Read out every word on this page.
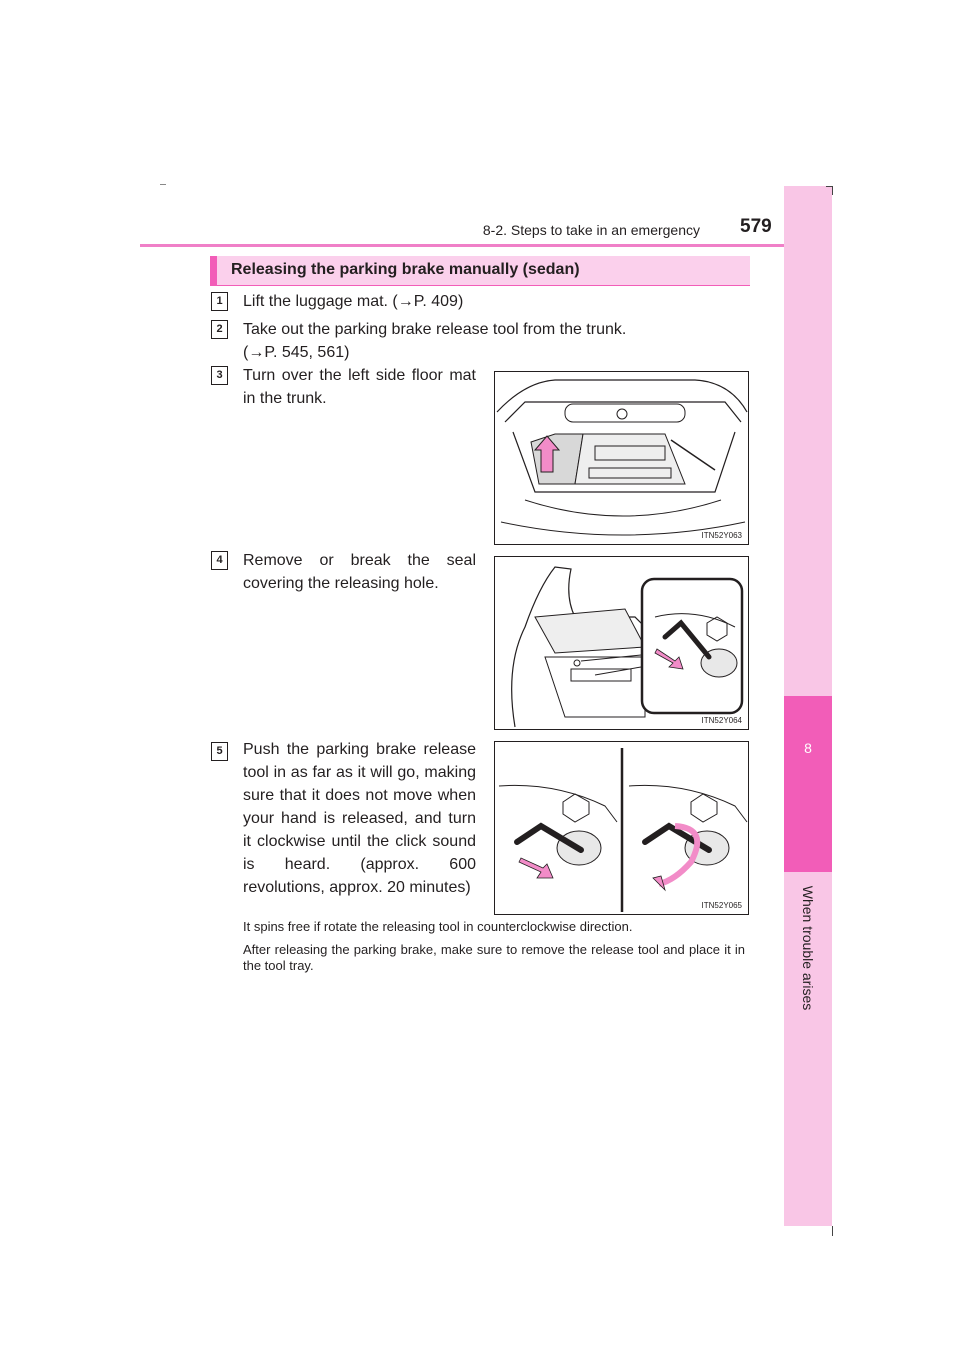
8-2. Steps to take in an emergency 579
8
When trouble arises
Releasing the parking brake manually (sedan)
1	Lift the luggage mat. (→P. 409)
2	Take out the parking brake release tool from the trunk.
(→P. 545, 561)
3	Turn over the left side floor mat in the trunk.
ITN52Y063
4	Remove or break the seal covering the releasing hole.
ITN52Y064
5	Push the parking brake release tool in as far as it will go, making sure that it does not move when your hand is released, and turn it clockwise until the click sound is heard. (approx. 600 revolutions, approx. 20 minutes)
ITN52Y065
It spins free if rotate the releasing tool in counterclockwise direction.
After releasing the parking brake, make sure to remove the release tool and place it in the tool tray.
